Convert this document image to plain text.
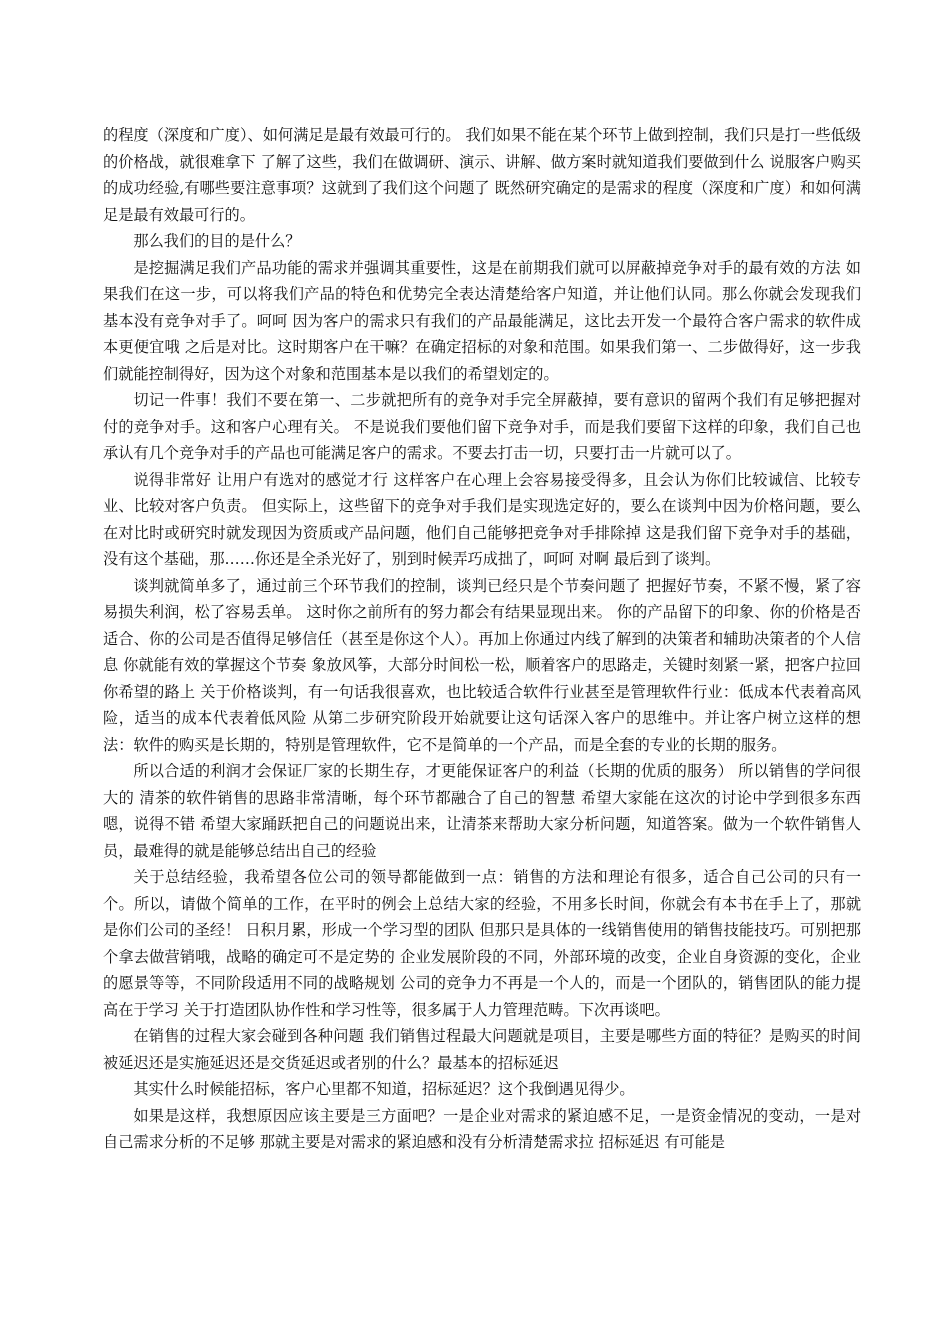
的程度（深度和广度）、如何满足是最有效最可行的。 我们如果不能在某个环节上做到控制，我们只是打一些低级的价格战，就很难拿下 了解了这些，我们在做调研、演示、讲解、做方案时就知道我们要做到什么 说服客户购买的成功经验,有哪些要注意事项？这就到了我们这个问题了 既然研究确定的是需求的程度（深度和广度）和如何满足是最有效最可行的。

那么我们的目的是什么？

是挖掘满足我们产品功能的需求并强调其重要性，这是在前期我们就可以屏蔽掉竞争对手的最有效的方法 如果我们在这一步，可以将我们产品的特色和优势完全表达清楚给客户知道，并让他们认同。那么你就会发现我们基本没有竞争对手了。呵呵 因为客户的需求只有我们的产品最能满足，这比去开发一个最符合客户需求的软件成本更便宜哦 之后是对比。这时期客户在干嘛？在确定招标的对象和范围。如果我们第一、二步做得好，这一步我们就能控制得好，因为这个对象和范围基本是以我们的希望划定的。

切记一件事！我们不要在第一、二步就把所有的竞争对手完全屏蔽掉，要有意识的留两个我们有足够把握对付的竞争对手。这和客户心理有关。 不是说我们要他们留下竞争对手，而是我们要留下这样的印象，我们自己也承认有几个竞争对手的产品也可能满足客户的需求。不要去打击一切，只要打击一片就可以了。

说得非常好 让用户有选对的感觉才行 这样客户在心理上会容易接受得多，且会认为你们比较诚信、比较专业、比较对客户负责。 但实际上，这些留下的竞争对手我们是实现选定好的，要么在谈判中因为价格问题，要么在对比时或研究时就发现因为资质或产品问题，他们自己能够把竞争对手排除掉 这是我们留下竞争对手的基础，没有这个基础，那……你还是全杀光好了，别到时候弄巧成拙了，呵呵 对啊 最后到了谈判。

谈判就简单多了，通过前三个环节我们的控制，谈判已经只是个节奏问题了 把握好节奏，不紧不慢，紧了容易损失利润，松了容易丢单。 这时你之前所有的努力都会有结果显现出来。 你的产品留下的印象、你的价格是否适合、你的公司是否值得足够信任（甚至是你这个人）。再加上你通过内线了解到的决策者和辅助决策者的个人信息 你就能有效的掌握这个节奏 象放风筝，大部分时间松一松，顺着客户的思路走，关键时刻紧一紧，把客户拉回你希望的路上 关于价格谈判，有一句话我很喜欢，也比较适合软件行业甚至是管理软件行业：低成本代表着高风险，适当的成本代表着低风险 从第二步研究阶段开始就要让这句话深入客户的思维中。并让客户树立这样的想法：软件的购买是长期的，特别是管理软件，它不是简单的一个产品，而是全套的专业的长期的服务。

所以合适的利润才会保证厂家的长期生存，才更能保证客户的利益（长期的优质的服务） 所以销售的学问很大的 清茶的软件销售的思路非常清晰，每个环节都融合了自己的智慧 希望大家能在这次的讨论中学到很多东西 嗯，说得不错 希望大家踊跃把自己的问题说出来，让清茶来帮助大家分析问题，知道答案。做为一个软件销售人员，最难得的就是能够总结出自己的经验

关于总结经验，我希望各位公司的领导都能做到一点：销售的方法和理论有很多，适合自己公司的只有一个。所以，请做个简单的工作，在平时的例会上总结大家的经验，不用多长时间，你就会有本书在手上了，那就是你们公司的圣经！ 日积月累，形成一个学习型的团队 但那只是具体的一线销售使用的销售技能技巧。可别把那个拿去做营销哦，战略的确定可不是定势的 企业发展阶段的不同，外部环境的改变，企业自身资源的变化，企业的愿景等等，不同阶段适用不同的战略规划 公司的竞争力不再是一个人的，而是一个团队的，销售团队的能力提高在于学习 关于打造团队协作性和学习性等，很多属于人力管理范畴。下次再谈吧。

在销售的过程大家会碰到各种问题 我们销售过程最大问题就是项目，主要是哪些方面的特征？是购买的时间被延迟还是实施延迟还是交货延迟或者别的什么？最基本的招标延迟

其实什么时候能招标，客户心里都不知道，招标延迟？这个我倒遇见得少。

如果是这样，我想原因应该主要是三方面吧？一是企业对需求的紧迫感不足，一是资金情况的变动，一是对自己需求分析的不足够 那就主要是对需求的紧迫感和没有分析清楚需求拉 招标延迟 有可能是
